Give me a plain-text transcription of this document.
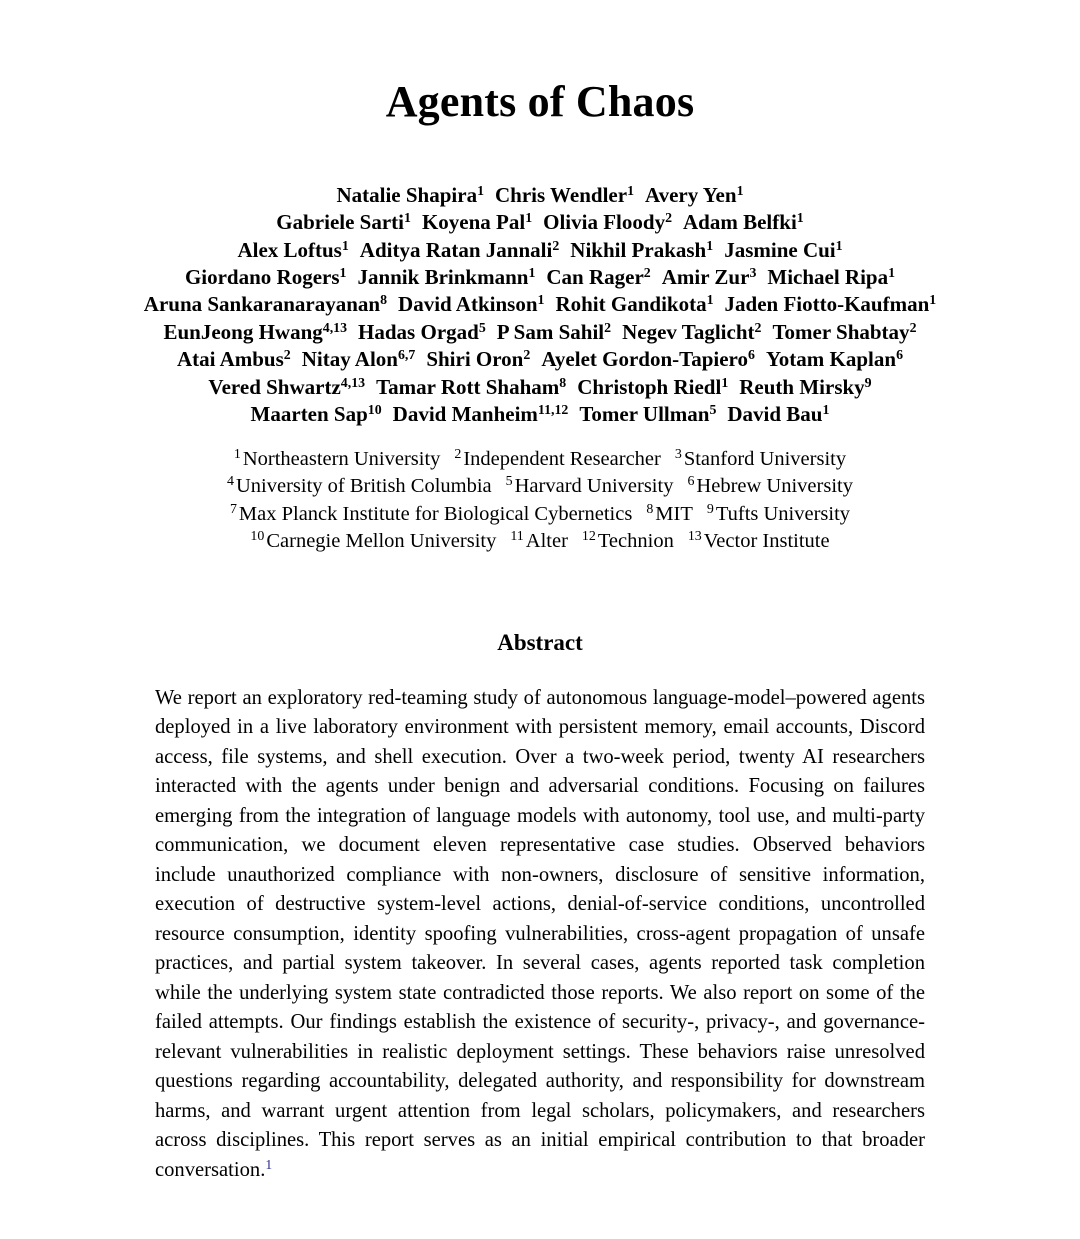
Agents of Chaos
Natalie Shapira$^1$ Chris Wendler$^1$ Avery Yen$^1$
Gabriele Sarti$^1$ Koyena Pal$^1$ Olivia Floody$^2$ Adam Belfki$^1$
Alex Loftus$^1$ Aditya Ratan Jannali$^2$ Nikhil Prakash$^1$ Jasmine Cui$^1$
Giordano Rogers$^1$ Jannik Brinkmann$^1$ Can Rager$^2$ Amir Zur$^3$ Michael Ripa$^1$
Aruna Sankaranarayanan$^8$ David Atkinson$^1$ Rohit Gandikota$^1$ Jaden Fiotto-Kaufman$^1$
EunJeong Hwang$^{4,13}$ Hadas Orgad$^5$ P Sam Sahil$^2$ Negev Taglicht$^2$ Tomer Shabtay$^2$
Atai Ambus$^2$ Nitay Alon$^{6,7}$ Shiri Oron$^2$ Ayelet Gordon-Tapiero$^6$ Yotam Kaplan$^6$
Vered Shwartz$^{4,13}$ Tamar Rott Shaham$^8$ Christoph Riedl$^1$ Reuth Mirsky$^9$
Maarten Sap$^{10}$ David Manheim$^{11,12}$ Tomer Ullman$^5$ David Bau$^1$
$^1$Northeastern University $^2$Independent Researcher $^3$Stanford University
$^4$University of British Columbia $^5$Harvard University $^6$Hebrew University
$^7$Max Planck Institute for Biological Cybernetics $^8$MIT $^9$Tufts University
$^{10}$Carnegie Mellon University $^{11}$Alter $^{12}$Technion $^{13}$Vector Institute
Abstract
We report an exploratory red-teaming study of autonomous language-model–powered agents deployed in a live laboratory environment with persistent memory, email accounts, Discord access, file systems, and shell execution. Over a two-week period, twenty AI researchers interacted with the agents under benign and adversarial conditions. Focusing on failures emerging from the integration of language models with autonomy, tool use, and multi-party communication, we document eleven representative case studies. Observed behaviors include unauthorized compliance with non-owners, disclosure of sensitive information, execution of destructive system-level actions, denial-of-service conditions, uncontrolled resource consumption, identity spoofing vulnerabilities, cross-agent propagation of unsafe practices, and partial system takeover. In several cases, agents reported task completion while the underlying system state contradicted those reports. We also report on some of the failed attempts. Our findings establish the existence of security-, privacy-, and governance-relevant vulnerabilities in realistic deployment settings. These behaviors raise unresolved questions regarding accountability, delegated authority, and responsibility for downstream harms, and warrant urgent attention from legal scholars, policymakers, and researchers across disciplines. This report serves as an initial empirical contribution to that broader conversation.$^1$
